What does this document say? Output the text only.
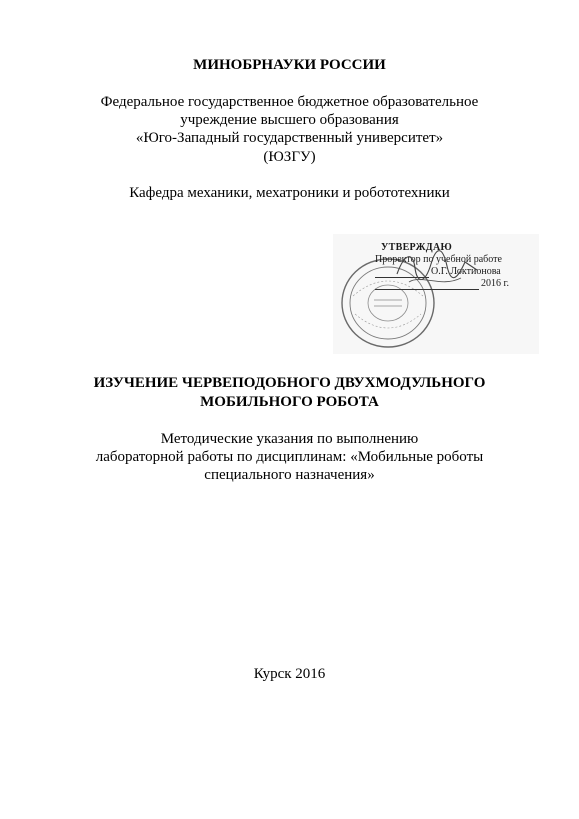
МИНОБРНАУКИ РОССИИ
Федеральное государственное бюджетное образовательное
учреждение высшего образования
«Юго-Западный государственный университет»
(ЮЗГУ)
Кафедра механики, мехатроники и робототехники
УТВЕРЖДАЮ
Проректор по учебной работе
О.Г. Локтионова
2016 г.
ИЗУЧЕНИЕ ЧЕРВЕПОДОБНОГО ДВУХМОДУЛЬНОГО
МОБИЛЬНОГО РОБОТА
Методические указания по выполнению
лабораторной работы по дисциплинам: «Мобильные роботы
специального назначения»
Курск 2016
